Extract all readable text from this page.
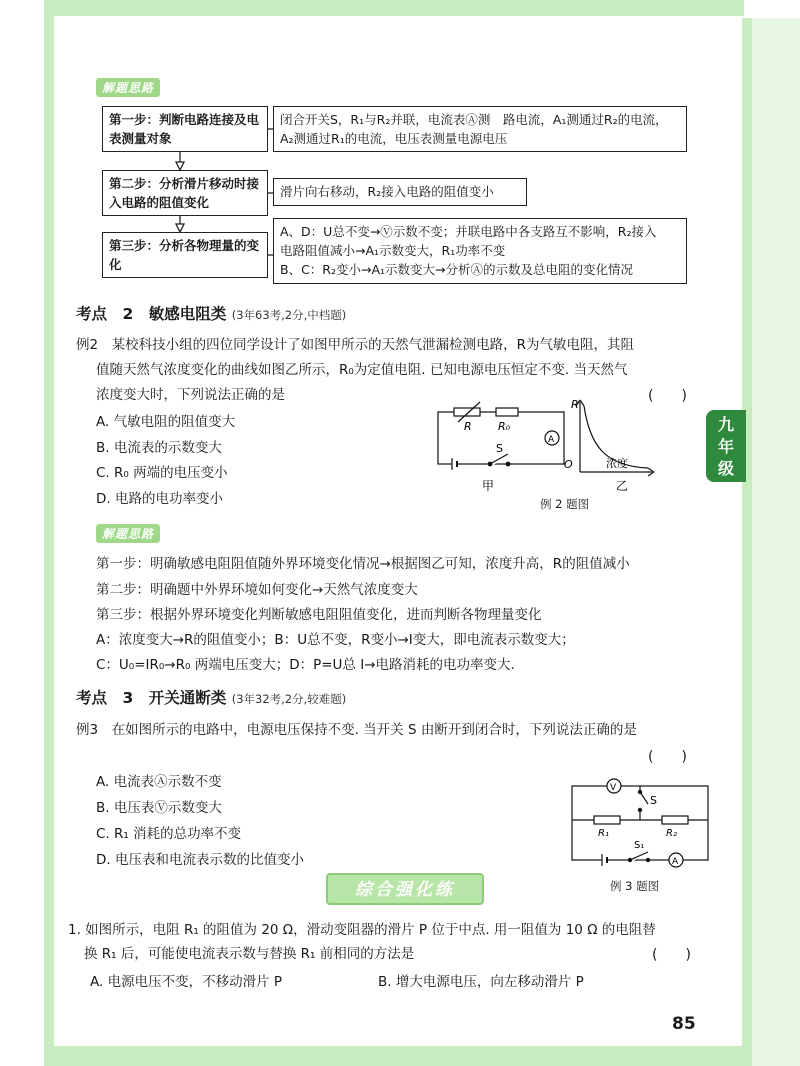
九年级
解题思路
第一步：判断电路连接及电表测量对象
闭合开关S，R₁与R₂并联，电流表Ⓐ测　路电流，A₁测通过R₂的电流，A₂测通过R₁的电流，电压表测量电源电压
第二步：分析滑片移动时接入电路的阻值变化
滑片向右移动，R₂接入电路的阻值变小
第三步：分析各物理量的变化
A、D：U总不变→Ⓥ示数不变；并联电路中各支路互不影响，R₂接入
电路阻值减小→A₁示数变大，R₁功率不变
B、C：R₂变小→A₁示数变大→分析Ⓐ的示数及总电阻的变化情况
考点　2　敏感电阻类 (3年63考,2分,中档题)
例2　某校科技小组的四位同学设计了如图甲所示的天然气泄漏检测电路，R为气敏电阻，其阻
值随天然气浓度变化的曲线如图乙所示，R₀为定值电阻. 已知电源电压恒定不变. 当天然气
浓度变大时，下列说法正确的是	(　　)
A. 气敏电阻的阻值变大
B. 电流表的示数变大
C. R₀ 两端的电压变小
D. 电路的电功率变小
R R₀
A
S
甲
R
O	浓度
乙
例 2 题图
解题思路
第一步：明确敏感电阻阻值随外界环境变化情况→根据图乙可知，浓度升高，R的阻值减小
第二步：明确题中外界环境如何变化→天然气浓度变大
第三步：根据外界环境变化判断敏感电阻阻值变化，进而判断各物理量变化
A：浓度变大→R的阻值变小；B：U总不变，R变小→I变大，即电流表示数变大；
C：U₀=IR₀→R₀ 两端电压变大；D：P=U总 I→电路消耗的电功率变大.
考点　3　开关通断类 (3年32考,2分,较难题)
例3　在如图所示的电路中，电源电压保持不变. 当开关 S 由断开到闭合时，下列说法正确的是
(　　)
A. 电流表Ⓐ示数不变
B. 电压表Ⓥ示数变大
C. R₁ 消耗的总功率不变
D. 电压表和电流表示数的比值变小
V
S
R₁	R₂
S₁
A
例 3 题图
综合强化练
1. 如图所示，电阻 R₁ 的阻值为 20 Ω，滑动变阻器的滑片 P 位于中点. 用一阻值为 10 Ω 的电阻替
换 R₁ 后，可能使电流表示数与替换 R₁ 前相同的方法是	(　　)
A. 电源电压不变，不移动滑片 P	B. 增大电源电压，向左移动滑片 P
85
